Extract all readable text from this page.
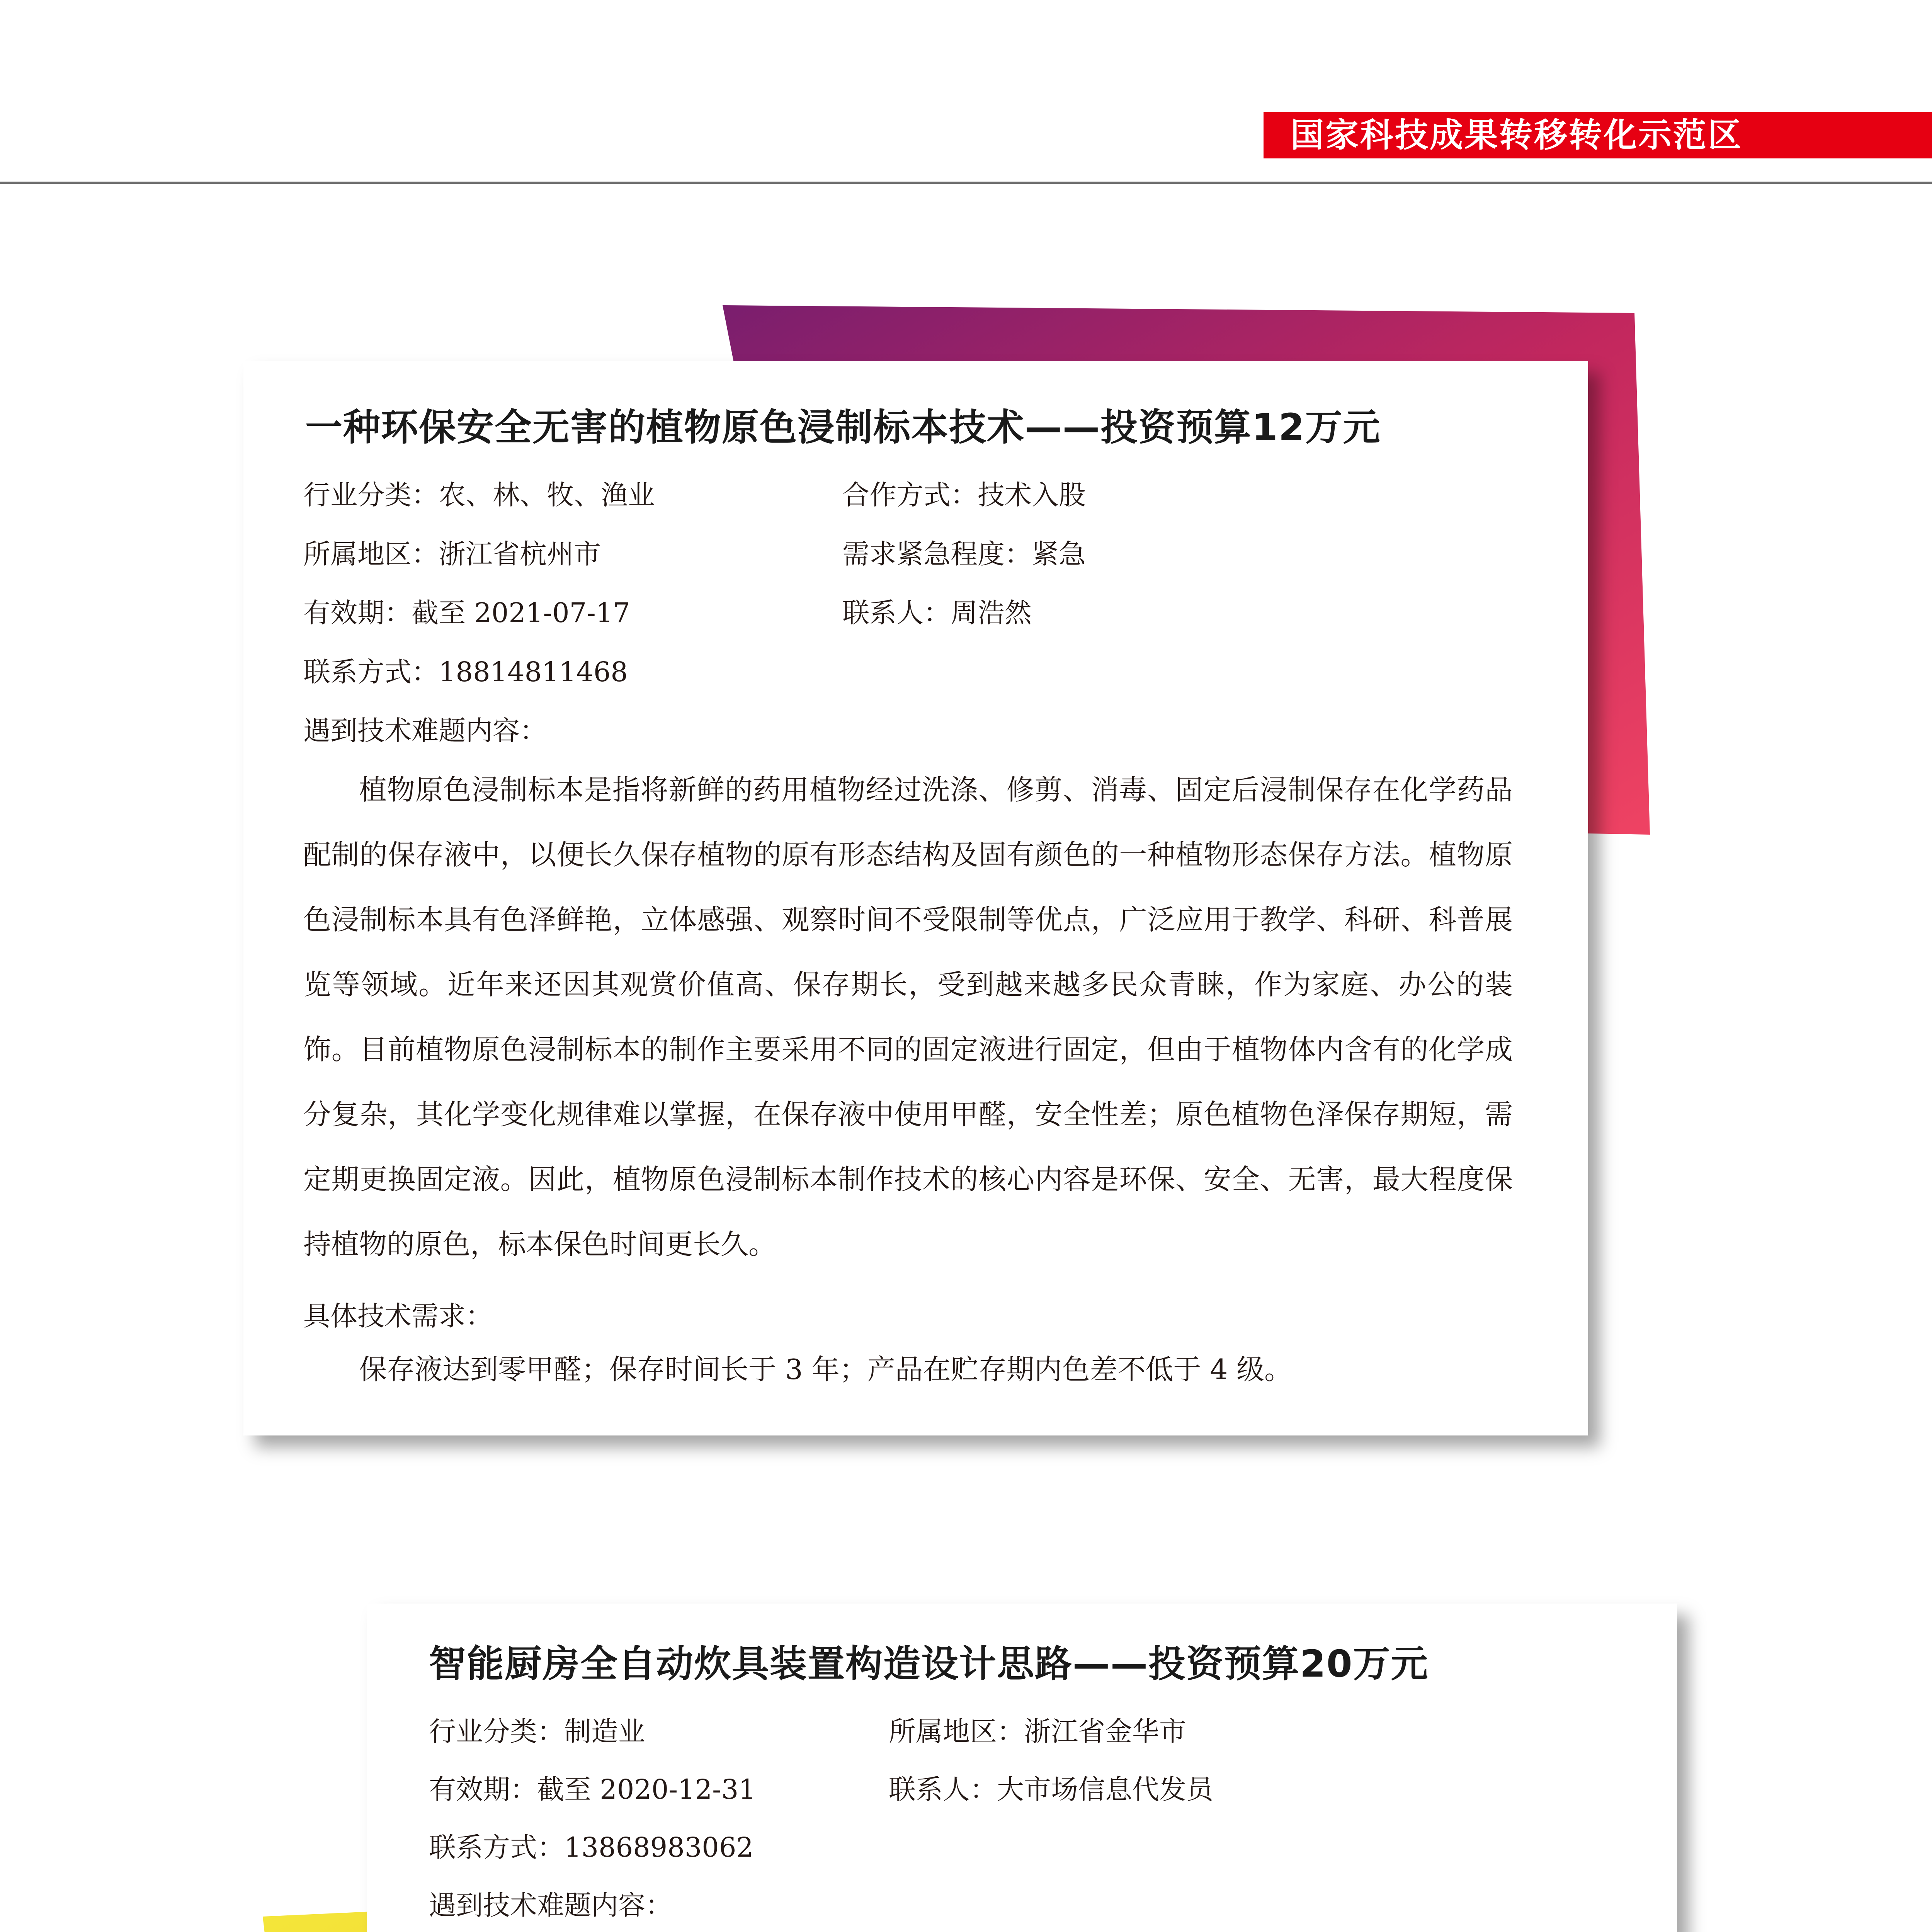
国家科技成果转移转化示范区
一种环保安全无害的植物原色浸制标本技术——投资预算12万元
行业分类：农、林、牧、渔业	合作方式：技术入股
所属地区：浙江省杭州市	需求紧急程度：紧急
有效期：截至 2021-07-17	联系人：周浩然
联系方式：18814811468
遇到技术难题内容：
植物原色浸制标本是指将新鲜的药用植物经过洗涤、修剪、消毒、固定后浸制保存在化学药品配制的保存液中，以便长久保存植物的原有形态结构及固有颜色的一种植物形态保存方法。植物原色浸制标本具有色泽鲜艳，立体感强、观察时间不受限制等优点，广泛应用于教学、科研、科普展览等领域。近年来还因其观赏价值高、保存期长，受到越来越多民众青睐，作为家庭、办公的装饰。目前植物原色浸制标本的制作主要采用不同的固定液进行固定，但由于植物体内含有的化学成分复杂，其化学变化规律难以掌握，在保存液中使用甲醛，安全性差；原色植物色泽保存期短，需定期更换固定液。因此，植物原色浸制标本制作技术的核心内容是环保、安全、无害，最大程度保持植物的原色，标本保色时间更长久。
具体技术需求：
保存液达到零甲醛；保存时间长于 3 年；产品在贮存期内色差不低于 4 级。
智能厨房全自动炊具装置构造设计思路——投资预算20万元
行业分类：制造业	所属地区：浙江省金华市
有效期：截至 2020-12-31	联系人：大市场信息代发员
联系方式：13868983062
遇到技术难题内容：
